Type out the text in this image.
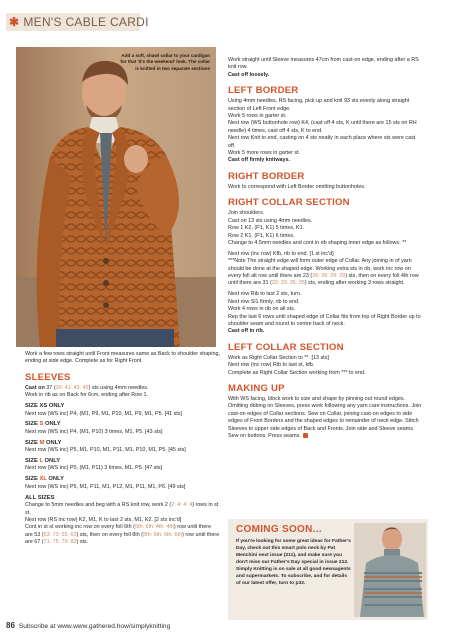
✱ MEN'S CABLE CARDI
Add a soft, shawl collar to your cardigan for that 'it's the weekend' look. The collar is knitted in two separate sections

Work a few rows straight until Front measures same as Back to shoulder shaping, ending at side edge. Complete as for Right Front.

SLEEVES

Cast on 37 (39: 41: 43: 45) sts using 4mm needles.
Work in rib as on Back for 6cm, ending after Row 1.

SIZE XS ONLY

Next row (WS inc) P4, (M1, P9, M1, P10, M1, P9, M1, P5. [41 sts]

SIZE S ONLY

Next row (WS inc) P4, (M1, P10) 3 times, M1, P5. [43 sts]

SIZE M ONLY

Next row (WS inc) P5, M1, P10, M1, P11, M1, P10, M1, P5. [45 sts]

SIZE L ONLY

Next row (WS inc) P5, (M1, P11) 3 times, M1, P5. [47 sts]

SIZE XL ONLY

Next row (WS inc) P5, M1, P11, M1, P12, M1, P11, M1, P6. [49 sts]

ALL SIZES

Change to 5mm needles and beg with a RS knit row, work 2 (2: 4: 4: 4) rows in st st.
Next row (RS inc row) K2, M1, K to last 2 sts, M1, K2. [2 sts inc'd]
Cont in st st working inc row on every foll 6th (6th: 6th: 4th: 4th) row until there are 53 (63: 73: 55: 63) sts, then on every foll 8th (8th: 6th: 6th: 6th) row until there are 67 (71: 75: 79: 83) sts.

Work straight until Sleeve measures 47cm from cast-on edge, ending after a RS knit row.
Cast off loosely.

LEFT BORDER

Using 4mm needles, RS facing, pick up and knit 93 sts evenly along straight section of Left Front edge.
Work 5 rows in garter st.
Next row (WS buttonhole row) K4, (cast off 4 sts, K until there are 15 sts on RH needle) 4 times, cast off 4 sts, K to end.
Next row Knit to end, casting on 4 sts neatly in each place where sts were cast off.
Work 5 more rows in garter st.
Cast off firmly knitways.

RIGHT BORDER

Work to correspond with Left Border omitting buttonholes.

RIGHT COLLAR SECTION

Join shoulders.
Cast on 13 sts using 4mm needles.
Row 1 K2, (P1, K1) 5 times, K1.
Row 2 K1, (P1, K1) 6 times.
Change to 4.5mm needles and cont in rib shaping inner edge as follows. **

Next row (inc row) Kfb, rib to end. [1 st inc'd]
***Note The straight edge will form outer edge of Collar. Any joining in of yarn should be done at the shaped edge. Working extra sts in rib, work inc row on every foll alt row until there are 23 (26: 26: 29: 29) sts, then on every foll 4th row until there are 31 (33: 33: 35: 35) sts, ending after working 3 rows straight.

Next row Rib to last 2 sts, turn.
Next row Sl1 firmly, rib to end.
Work 4 rows in rib on all sts.
Rep the last 6 rows until shaped edge of Collar fits from top of Right Border up to shoulder seam and round to centre back of neck.
Cast off in rib.

LEFT COLLAR SECTION

Work as Right Collar Section to **. [13 sts]
Next row (inc row) Rib to last st, kfb.
Complete as Right Collar Section working from *** to end.

MAKING UP

With WS facing, block work to size and shape by pinning out round edges. Omitting ribbing on Sleeves, press work following any yarn care instructions. Join cast-on edges of Collar sections. Sew on Collar, joining cast-on edges to side edges of Front Borders and the shaped edges to remainder of neck edge. Stitch Sleeves to upper side edges of Back and Fronts. Join side and Sleeve seams. Sew on buttons. Press seams.

COMING SOON...
If you're looking for some great ideas for Father's Day, check out this smart polo neck by Pat Menchini next issue (211), and make sure you don't miss our Father's Day special in issue 212. Simply Knitting is on sale at all good newsagents and supermarkets. To subscribe, and for details of our latest offer, turn to p32.
86 Subscribe at www.www.gathered.how/simplyknitting
